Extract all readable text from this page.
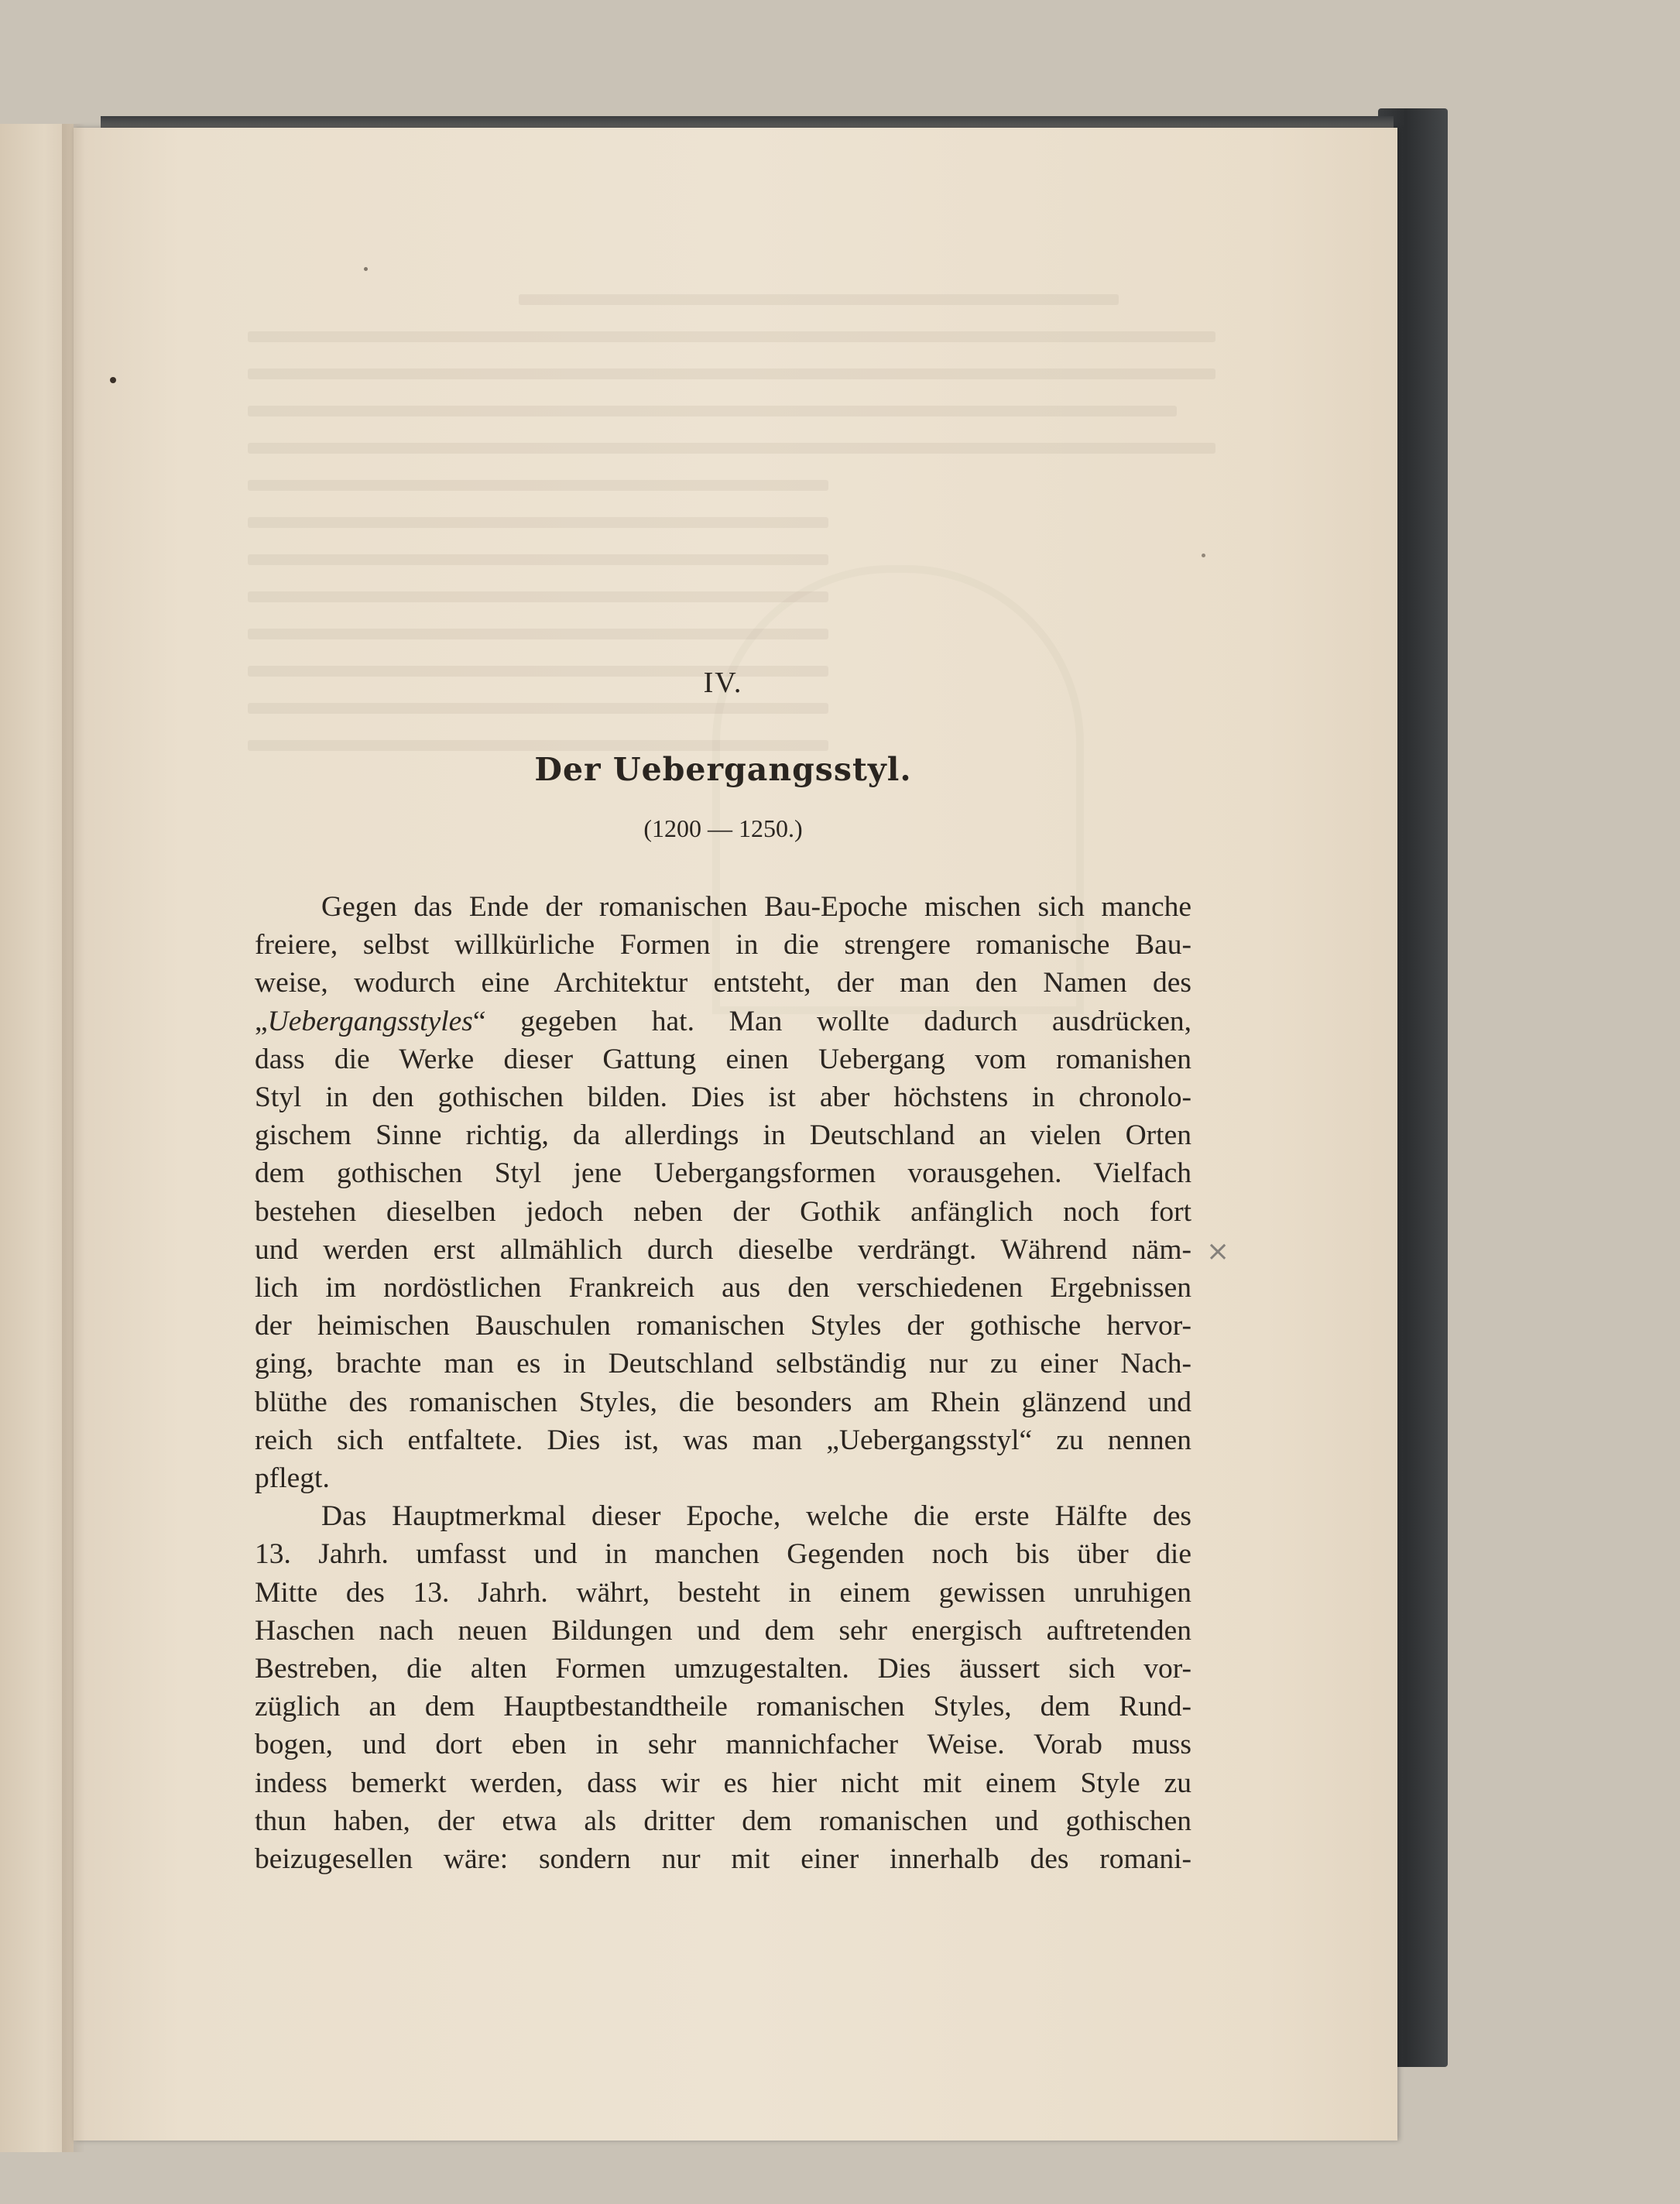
IV.
Der Uebergangsstyl.
(1200 — 1250.)
Gegen das Ende der romanischen Bau-Epoche mischen sich manche
freiere, selbst willkürliche Formen in die strengere romanische Bau-
weise, wodurch eine Architektur entsteht, der man den Namen des
„Uebergangsstyles“ gegeben hat. Man wollte dadurch ausdrücken,
dass die Werke dieser Gattung einen Uebergang vom romanishen
Styl in den gothischen bilden. Dies ist aber höchstens in chronolo-
gischem Sinne richtig, da allerdings in Deutschland an vielen Orten
dem gothischen Styl jene Uebergangsformen vorausgehen. Vielfach
bestehen dieselben jedoch neben der Gothik anfänglich noch fort
und werden erst allmählich durch dieselbe verdrängt. Während näm-
lich im nordöstlichen Frankreich aus den verschiedenen Ergebnissen
der heimischen Bauschulen romanischen Styles der gothische hervor-
ging, brachte man es in Deutschland selbständig nur zu einer Nach-
blüthe des romanischen Styles, die besonders am Rhein glänzend und
reich sich entfaltete. Dies ist, was man „Uebergangsstyl“ zu nennen
pflegt.
Das Hauptmerkmal dieser Epoche, welche die erste Hälfte des
13. Jahrh. umfasst und in manchen Gegenden noch bis über die
Mitte des 13. Jahrh. währt, besteht in einem gewissen unruhigen
Haschen nach neuen Bildungen und dem sehr energisch auftretenden
Bestreben, die alten Formen umzugestalten. Dies äussert sich vor-
züglich an dem Hauptbestandtheile romanischen Styles, dem Rund-
bogen, und dort eben in sehr mannichfacher Weise. Vorab muss
indess bemerkt werden, dass wir es hier nicht mit einem Style zu
thun haben, der etwa als dritter dem romanischen und gothischen
beizugesellen wäre: sondern nur mit einer innerhalb des romani-
×
